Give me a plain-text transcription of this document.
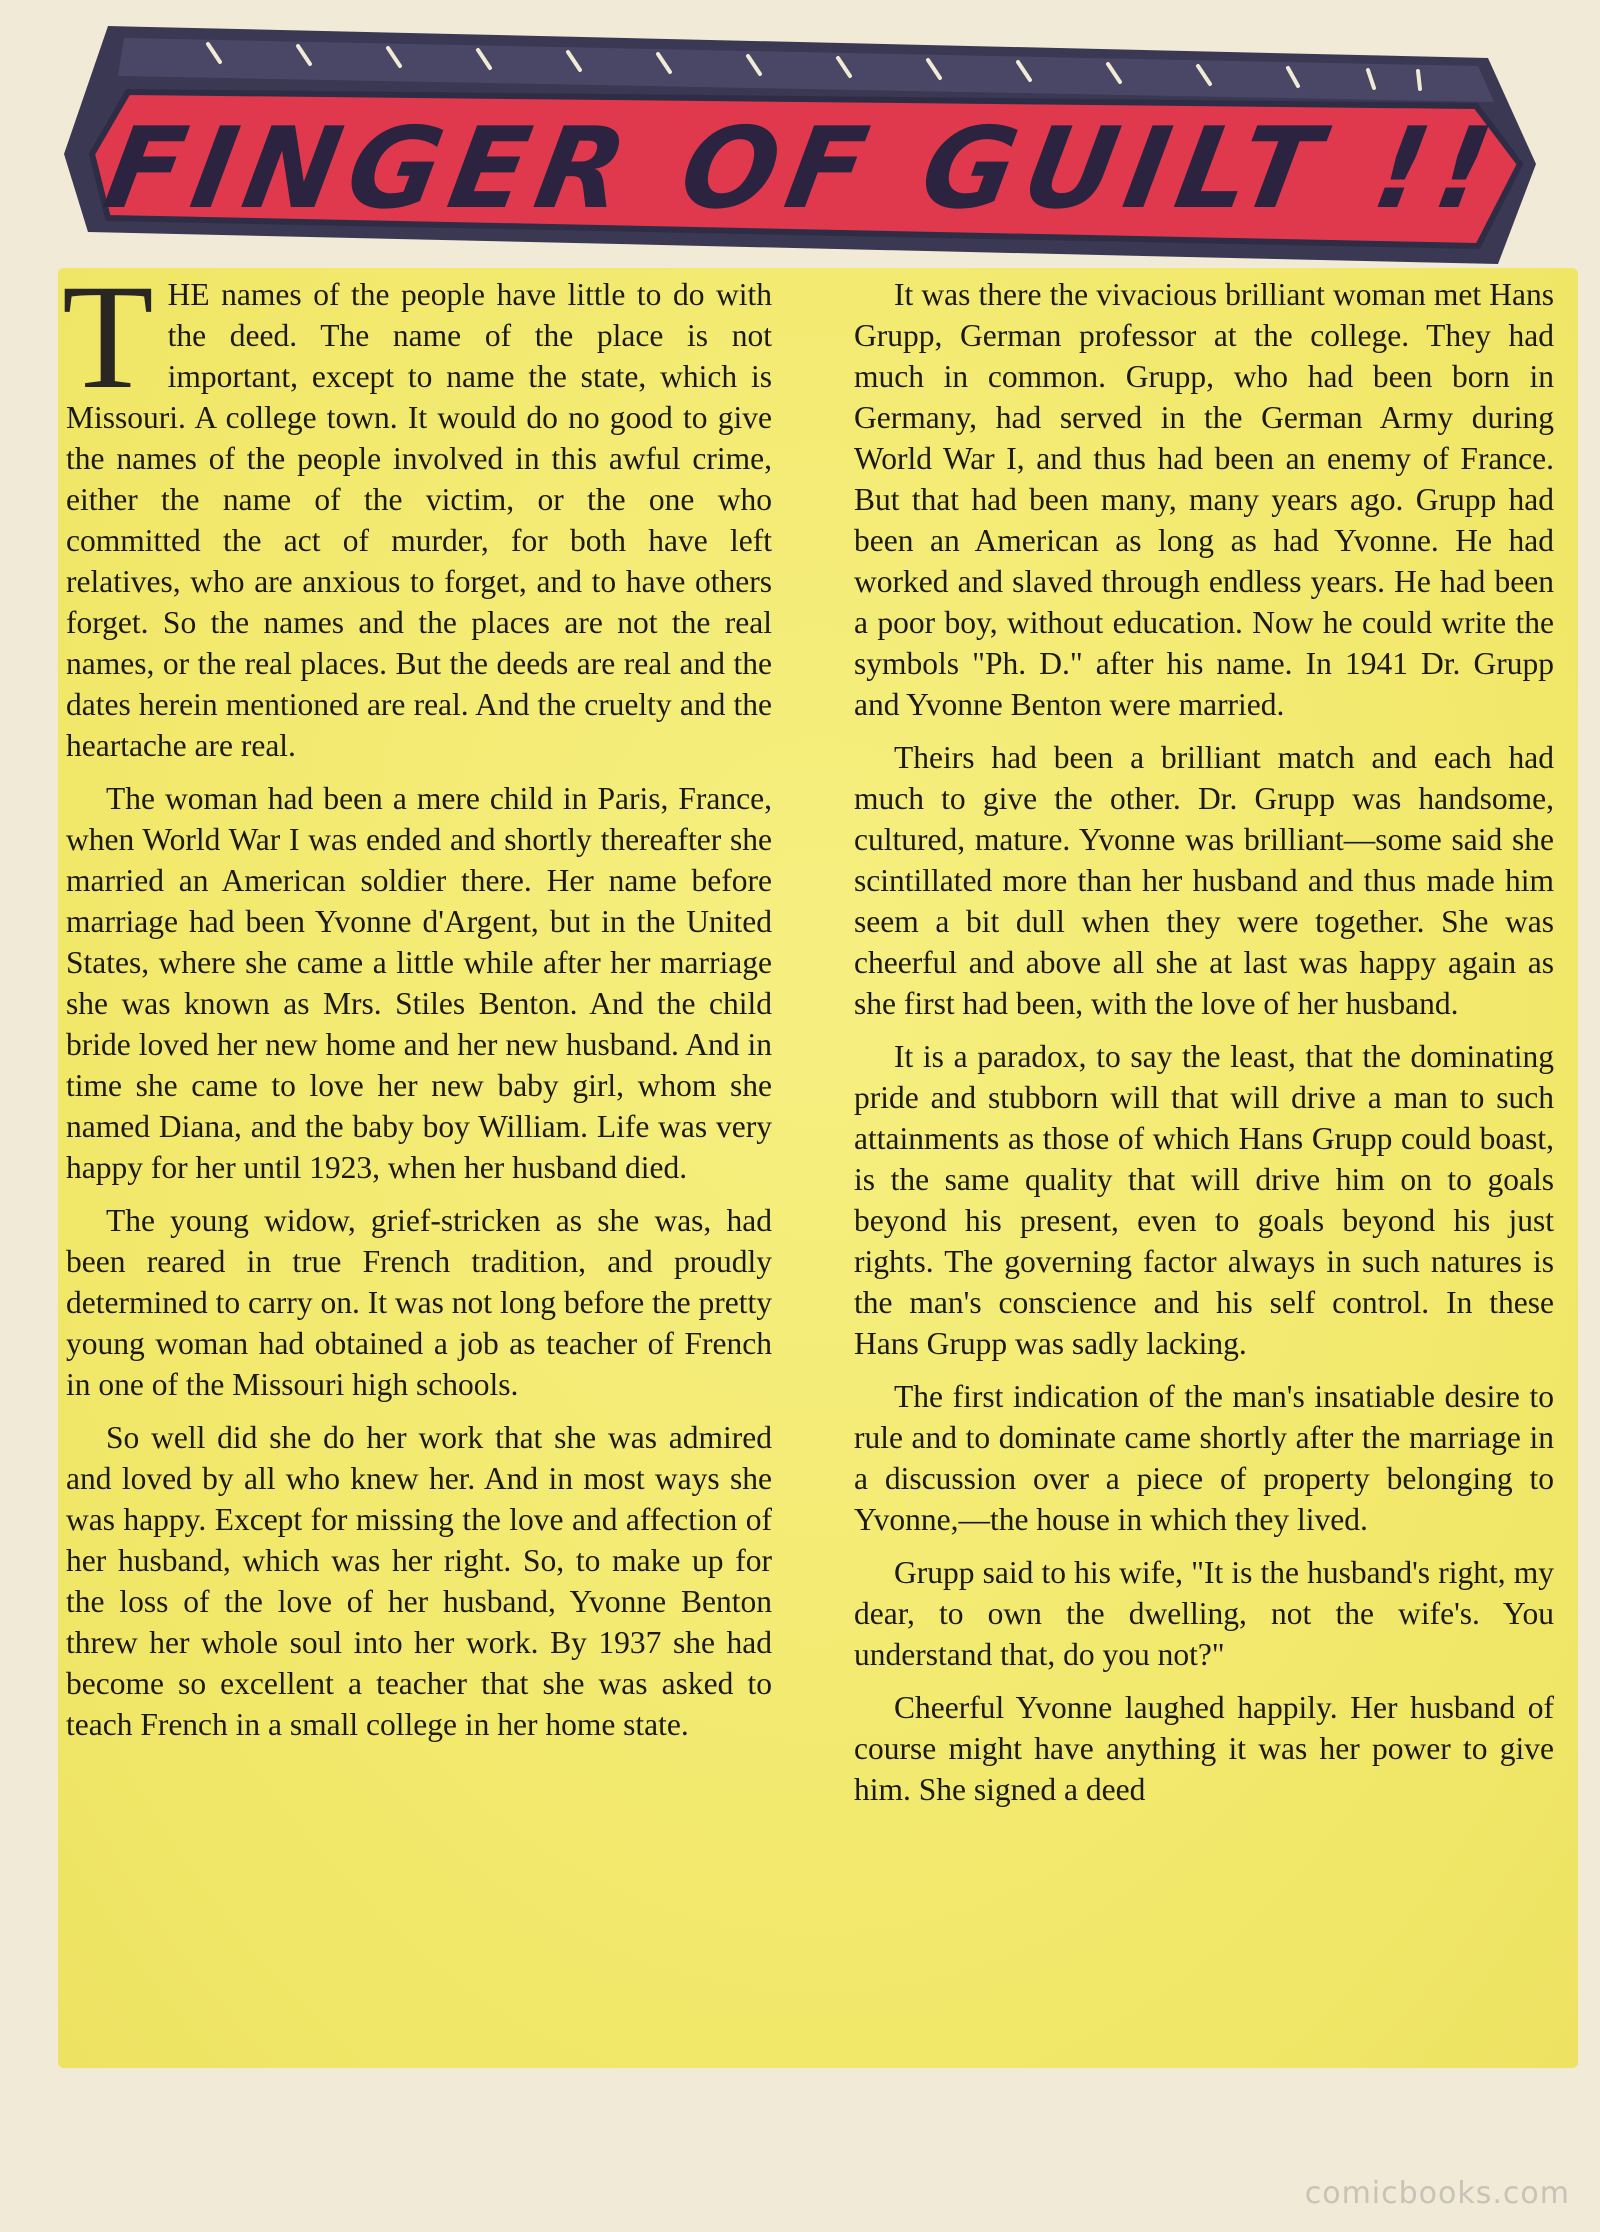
FINGER OF GUILT !!

THE names of the people have little to do with the deed. The name of the place is not important, except to name the state, which is Missouri. A college town. It would do no good to give the names of the people involved in this awful crime, either the name of the victim, or the one who committed the act of murder, for both have left relatives, who are anxious to forget, and to have others forget. So the names and the places are not the real names, or the real places. But the deeds are real and the dates herein mentioned are real. And the cruelty and the heartache are real.

The woman had been a mere child in Paris, France, when World War I was ended and shortly thereafter she married an American soldier there. Her name before marriage had been Yvonne d'Argent, but in the United States, where she came a little while after her marriage she was known as Mrs. Stiles Benton. And the child bride loved her new home and her new husband. And in time she came to love her new baby girl, whom she named Diana, and the baby boy William. Life was very happy for her until 1923, when her husband died.

The young widow, grief-stricken as she was, had been reared in true French tradition, and proudly determined to carry on. It was not long before the pretty young woman had obtained a job as teacher of French in one of the Missouri high schools.

So well did she do her work that she was admired and loved by all who knew her. And in most ways she was happy. Except for missing the love and affection of her husband, which was her right. So, to make up for the loss of the love of her husband, Yvonne Benton threw her whole soul into her work. By 1937 she had become so excellent a teacher that she was asked to teach French in a small college in her home state.

It was there the vivacious brilliant woman met Hans Grupp, German professor at the college. They had much in common. Grupp, who had been born in Germany, had served in the German Army during World War I, and thus had been an enemy of France. But that had been many, many years ago. Grupp had been an American as long as had Yvonne. He had worked and slaved through endless years. He had been a poor boy, without education. Now he could write the symbols "Ph. D." after his name. In 1941 Dr. Grupp and Yvonne Benton were married.

Theirs had been a brilliant match and each had much to give the other. Dr. Grupp was handsome, cultured, mature. Yvonne was brilliant—some said she scintillated more than her husband and thus made him seem a bit dull when they were together. She was cheerful and above all she at last was happy again as she first had been, with the love of her husband.

It is a paradox, to say the least, that the dominating pride and stubborn will that will drive a man to such attainments as those of which Hans Grupp could boast, is the same quality that will drive him on to goals beyond his present, even to goals beyond his just rights. The governing factor always in such natures is the man's conscience and his self control. In these Hans Grupp was sadly lacking.

The first indication of the man's insatiable desire to rule and to dominate came shortly after the marriage in a discussion over a piece of property belonging to Yvonne,—the house in which they lived.

Grupp said to his wife, "It is the husband's right, my dear, to own the dwelling, not the wife's. You understand that, do you not?"

Cheerful Yvonne laughed happily. Her husband of course might have anything it was her power to give him. She signed a deed

comicbooks.com
